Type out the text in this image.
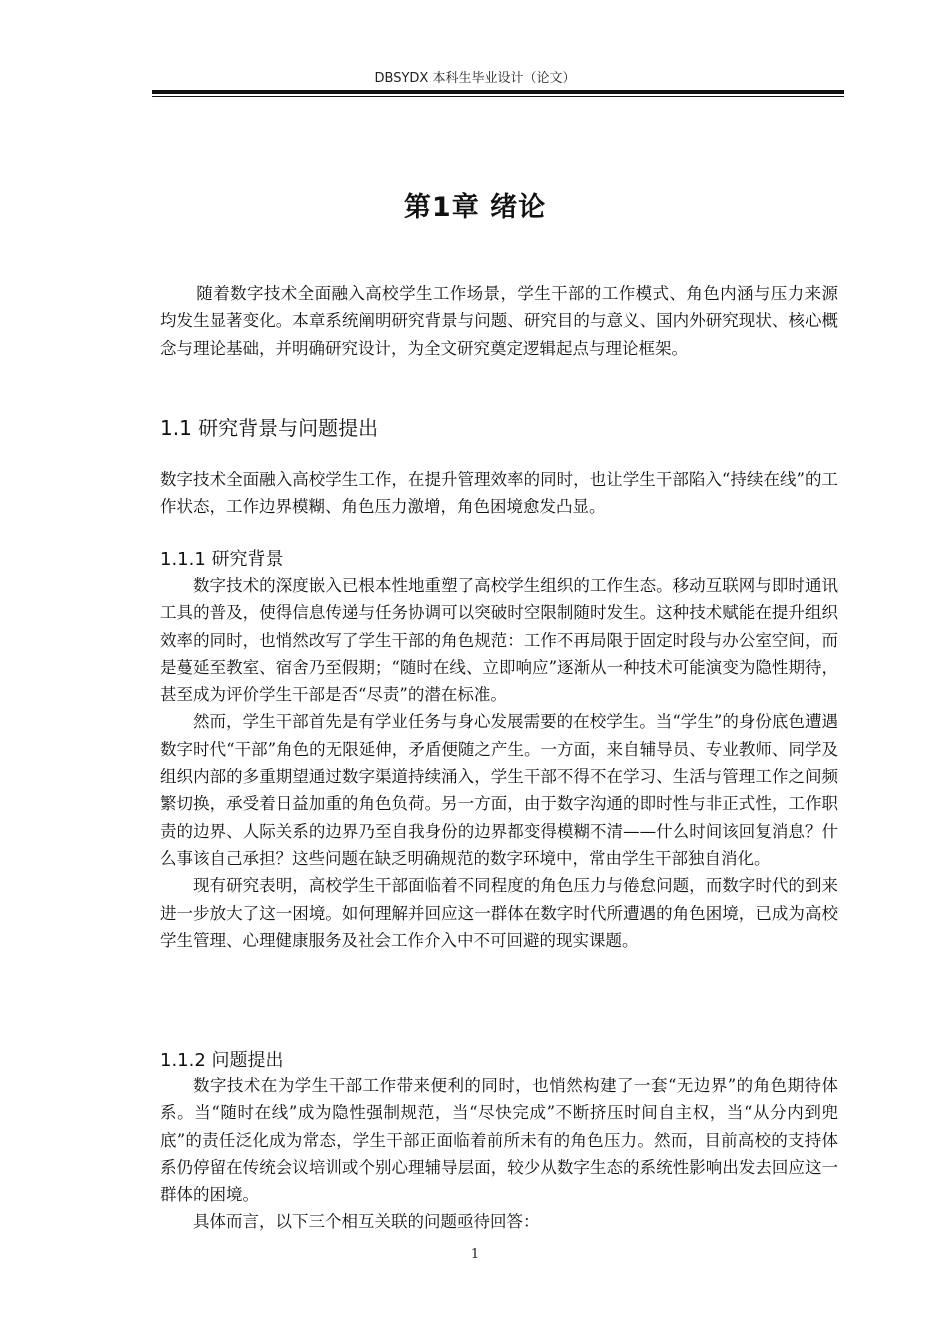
DBSYDX 本科生毕业设计（论文）
第1章 绪论

随着数字技术全面融入高校学生工作场景，学生干部的工作模式、角色内涵与压力来源均发生显著变化。本章系统阐明研究背景与问题、研究目的与意义、国内外研究现状、核心概念与理论基础，并明确研究设计，为全文研究奠定逻辑起点与理论框架。

1.1 研究背景与问题提出

数字技术全面融入高校学生工作，在提升管理效率的同时，也让学生干部陷入“持续在线”的工作状态，工作边界模糊、角色压力激增，角色困境愈发凸显。

1.1.1 研究背景

数字技术的深度嵌入已根本性地重塑了高校学生组织的工作生态。移动互联网与即时通讯工具的普及，使得信息传递与任务协调可以突破时空限制随时发生。这种技术赋能在提升组织效率的同时，也悄然改写了学生干部的角色规范：工作不再局限于固定时段与办公室空间，而是蔓延至教室、宿舍乃至假期；“随时在线、立即响应”逐渐从一种技术可能演变为隐性期待，甚至成为评价学生干部是否“尽责”的潜在标准。

然而，学生干部首先是有学业任务与身心发展需要的在校学生。当“学生”的身份底色遭遇数字时代“干部”角色的无限延伸，矛盾便随之产生。一方面，来自辅导员、专业教师、同学及组织内部的多重期望通过数字渠道持续涌入，学生干部不得不在学习、生活与管理工作之间频繁切换，承受着日益加重的角色负荷。另一方面，由于数字沟通的即时性与非正式性，工作职责的边界、人际关系的边界乃至自我身份的边界都变得模糊不清——什么时间该回复消息？什么事该自己承担？这些问题在缺乏明确规范的数字环境中，常由学生干部独自消化。

现有研究表明，高校学生干部面临着不同程度的角色压力与倦怠问题，而数字时代的到来进一步放大了这一困境。如何理解并回应这一群体在数字时代所遭遇的角色困境，已成为高校学生管理、心理健康服务及社会工作介入中不可回避的现实课题。

1.1.2 问题提出

数字技术在为学生干部工作带来便利的同时，也悄然构建了一套“无边界”的角色期待体系。当“随时在线”成为隐性强制规范，当“尽快完成”不断挤压时间自主权，当“从分内到兜底”的责任泛化成为常态，学生干部正面临着前所未有的角色压力。然而，目前高校的支持体系仍停留在传统会议培训或个别心理辅导层面，较少从数字生态的系统性影响出发去回应这一群体的困境。

具体而言，以下三个相互关联的问题亟待回答：

1
